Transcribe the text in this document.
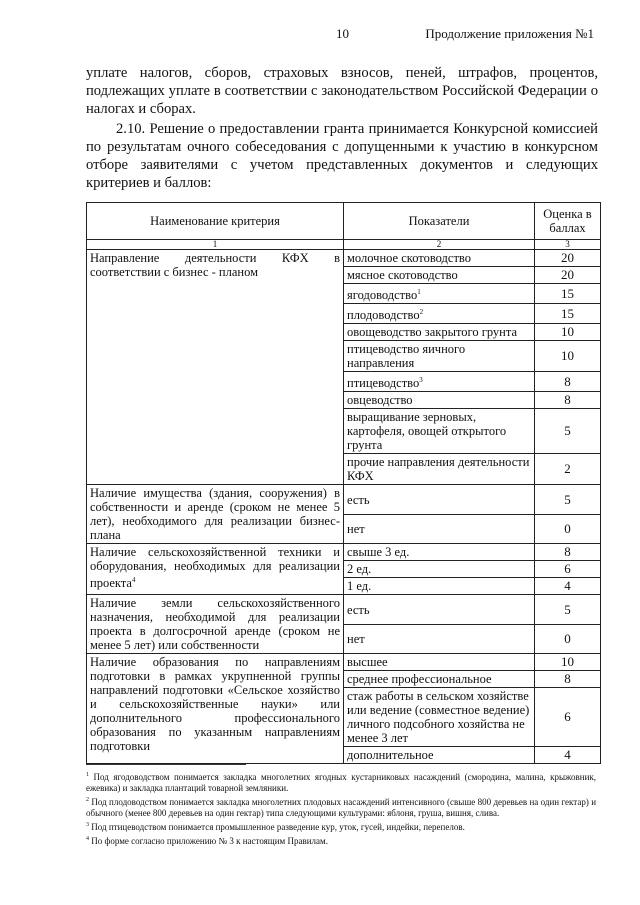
10	Продолжение приложения №1

уплате налогов, сборов, страховых взносов, пеней, штрафов, процентов, подлежащих уплате в соответствии с законодательством Российской Федерации о налогах и сборах.

2.10. Решение о предоставлении гранта принимается Конкурсной комиссией по результатам очного собеседования с допущенными к участию в конкурсном отборе заявителями с учетом представленных документов и следующих критериев и баллов:

Наименование критерия	Показатели	Оценка в баллах
1	2	3
Направление деятельности КФХ в соответствии с бизнес - планом	молочное скотоводство	20
	мясное скотоводство	20
	ягодоводство$^1$	15
	плодоводство$^2$	15
	овощеводство закрытого грунта	10
	птицеводство яичного направления	10
	птицеводство$^3$	8
	овцеводство	8
	выращивание зерновых, картофеля, овощей открытого грунта	5
	прочие направления деятельности КФХ	2
Наличие имущества (здания, сооружения) в собственности и аренде (сроком не менее 5 лет), необходимого для реализации бизнес-плана	есть	5
	нет	0
Наличие сельскохозяйственной техники и оборудования, необходимых для реализации проекта$^4$	свыше 3 ед.	8
	2 ед.	6
	1 ед.	4
Наличие земли сельскохозяйственного назначения, необходимой для реализации проекта в долгосрочной аренде (сроком не менее 5 лет) или собственности	есть	5
	нет	0
Наличие образования по направлениям подготовки в рамках укрупненной группы направлений подготовки «Сельское хозяйство и сельскохозяйственные науки» или дополнительного профессионального образования по указанным направлениям подготовки	высшее	10
	среднее профессиональное	8
	стаж работы в сельском хозяйстве или ведение (совместное ведение) личного подсобного хозяйства не менее 3 лет	6
	дополнительное	4

$^1$ Под ягодоводством понимается закладка многолетних ягодных кустарниковых насаждений (смородина, малина, крыжовник, ежевика) и закладка плантаций товарной земляники.

$^2$ Под плодоводством понимается закладка многолетних плодовых насаждений интенсивного (свыше 800 деревьев на один гектар) и обычного (менее 800 деревьев на один гектар) типа следующими культурами: яблоня, груша, вишня, слива.

$^3$ Под птицеводством понимается промышленное разведение кур, уток, гусей, индейки, перепелов.

$^4$ По форме согласно приложению № 3 к настоящим Правилам.
